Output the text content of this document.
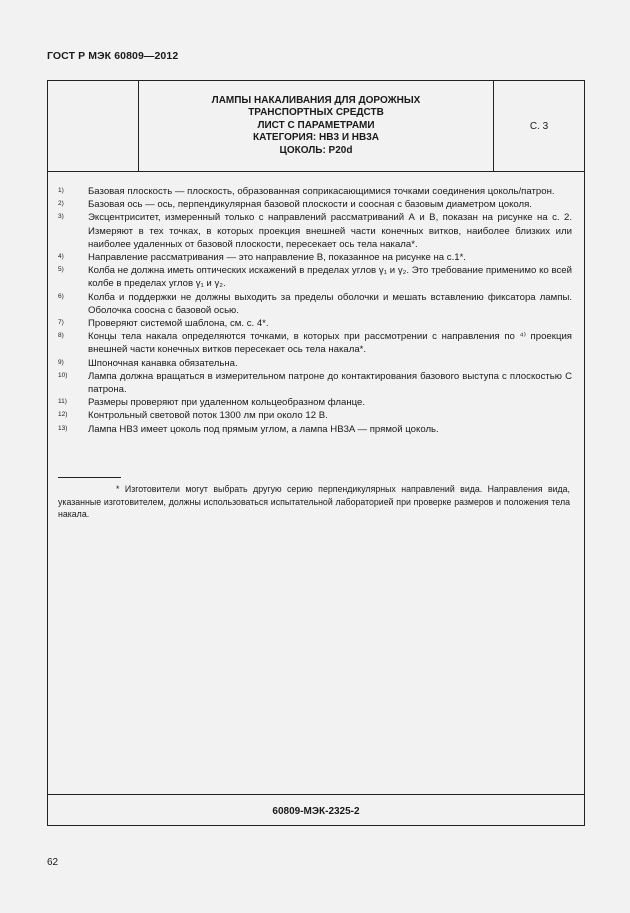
ГОСТ Р МЭК 60809—2012
ЛАМПЫ НАКАЛИВАНИЯ ДЛЯ ДОРОЖНЫХ
ТРАНСПОРТНЫХ СРЕДСТВ
ЛИСТ С ПАРАМЕТРАМИ
КАТЕГОРИЯ: HB3 И HB3A
ЦОКОЛЬ: P20d
С. 3
1)	Базовая плоскость — плоскость, образованная соприкасающимися точками соединения цоколь/патрон.
2)	Базовая ось — ось, перпендикулярная базовой плоскости и соосная с базовым диаметром цоколя.
3)	Эксцентриситет, измеренный только с направлений рассматриваний А и В, показан на рисунке на с. 2. Измеряют в тех точках, в которых проекция внешней части конечных витков, наиболее близких или наиболее удаленных от базовой плоскости, пересекает ось тела накала*.
4)	Направление рассматривания — это направление В, показанное на рисунке на с.1*.
5)	Колба не должна иметь оптических искажений в пределах углов γ₁ и γ₂. Это требование применимо ко всей колбе в пределах углов γ₁ и γ₂.
6)	Колба и поддержки не должны выходить за пределы оболочки и мешать вставлению фиксатора лампы. Оболочка соосна с базовой осью.
7)	Проверяют системой шаблона, см. с. 4*.
8)	Концы тела накала определяются точками, в которых при рассмотрении с направления по ⁴⁾ проекция внешней части конечных витков пересекает ось тела накала*.
9)	Шпоночная канавка обязательна.
10) Лампа должна вращаться в измерительном патроне до контактирования базового выступа с плоскостью С патрона.
11) Размеры проверяют при удаленном кольцеобразном фланце.
12) Контрольный световой поток 1300 лм при около 12 В.
13) Лампа HB3 имеет цоколь под прямым углом, а лампа HB3A — прямой цоколь.
* Изготовители могут выбрать другую серию перпендикулярных направлений вида. Направления вида, указанные изготовителем, должны использоваться испытательной лабораторией при проверке размеров и положения тела накала.
60809-МЭК-2325-2
62
